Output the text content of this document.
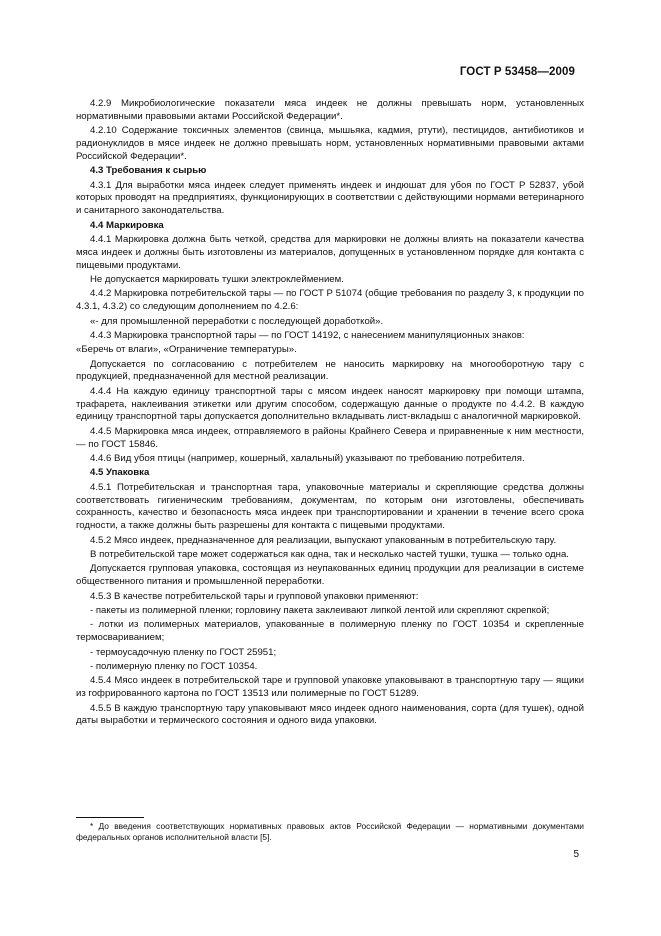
ГОСТ Р 53458—2009

4.2.9 Микробиологические показатели мяса индеек не должны превышать норм, установленных нормативными правовыми актами Российской Федерации*.

4.2.10 Содержание токсичных элементов (свинца, мышьяка, кадмия, ртути), пестицидов, антибиотиков и радионуклидов в мясе индеек не должно превышать норм, установленных нормативными правовыми актами Российской Федерации*.

4.3 Требования к сырью

4.3.1 Для выработки мяса индеек следует применять индеек и индюшат для убоя по ГОСТ Р 52837, убой которых проводят на предприятиях, функционирующих в соответствии с действующими нормами ветеринарного и санитарного законодательства.

4.4 Маркировка

4.4.1 Маркировка должна быть четкой, средства для маркировки не должны влиять на показатели качества мяса индеек и должны быть изготовлены из материалов, допущенных в установленном порядке для контакта с пищевыми продуктами.

Не допускается маркировать тушки электроклеймением.

4.4.2 Маркировка потребительской тары — по ГОСТ Р 51074 (общие требования по разделу 3, к продукции по 4.3.1, 4.3.2) со следующим дополнением по 4.2.6:

«- для промышленной переработки с последующей доработкой».

4.4.3 Маркировка транспортной тары — по ГОСТ 14192, с нанесением манипуляционных знаков:

«Беречь от влаги», «Ограничение температуры».

Допускается по согласованию с потребителем не наносить маркировку на многооборотную тару с продукцией, предназначенной для местной реализации.

4.4.4 На каждую единицу транспортной тары с мясом индеек наносят маркировку при помощи штампа, трафарета, наклеивания этикетки или другим способом, содержащую данные о продукте по 4.4.2. В каждую единицу транспортной тары допускается дополнительно вкладывать лист-вкладыш с аналогичной маркировкой.

4.4.5 Маркировка мяса индеек, отправляемого в районы Крайнего Севера и приравненные к ним местности, — по ГОСТ 15846.

4.4.6 Вид убоя птицы (например, кошерный, халальный) указывают по требованию потребителя.

4.5 Упаковка

4.5.1 Потребительская и транспортная тара, упаковочные материалы и скрепляющие средства должны соответствовать гигиеническим требованиям, документам, по которым они изготовлены, обеспечивать сохранность, качество и безопасность мяса индеек при транспортировании и хранении в течение всего срока годности, а также должны быть разрешены для контакта с пищевыми продуктами.

4.5.2 Мясо индеек, предназначенное для реализации, выпускают упакованным в потребительскую тару.

В потребительской таре может содержаться как одна, так и несколько частей тушки, тушка — только одна.

Допускается групповая упаковка, состоящая из неупакованных единиц продукции для реализации в системе общественного питания и промышленной переработки.

4.5.3 В качестве потребительской тары и групповой упаковки применяют:

- пакеты из полимерной пленки; горловину пакета заклеивают липкой лентой или скрепляют скрепкой;

- лотки из полимерных материалов, упакованные в полимерную пленку по ГОСТ 10354 и скрепленные термосвариванием;

- термоусадочную пленку по ГОСТ 25951;

- полимерную пленку по ГОСТ 10354.

4.5.4 Мясо индеек в потребительской таре и групповой упаковке упаковывают в транспортную тару — ящики из гофрированного картона по ГОСТ 13513 или полимерные по ГОСТ 51289.

4.5.5 В каждую транспортную тару упаковывают мясо индеек одного наименования, сорта (для тушек), одной даты выработки и термического состояния и одного вида упаковки.

* До введения соответствующих нормативных правовых актов Российской Федерации — нормативными документами федеральных органов исполнительной власти [5].
5
